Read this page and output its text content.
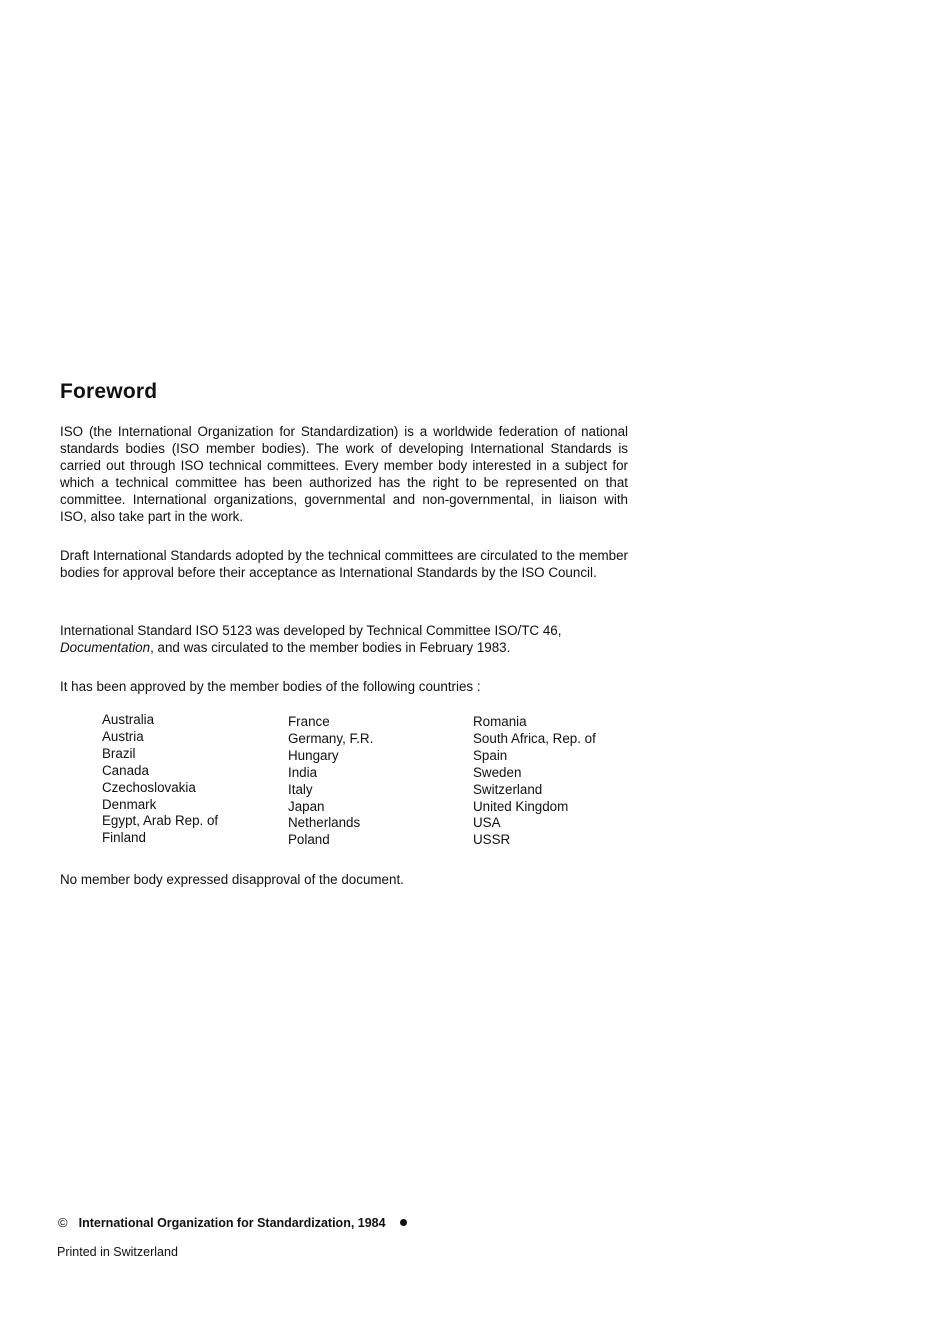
Foreword

ISO (the International Organization for Standardization) is a worldwide federation of national standards bodies (ISO member bodies). The work of developing International Standards is carried out through ISO technical committees. Every member body interested in a subject for which a technical committee has been authorized has the right to be represented on that committee. International organizations, governmental and non-governmental, in liaison with ISO, also take part in the work.

Draft International Standards adopted by the technical committees are circulated to the member bodies for approval before their acceptance as International Standards by the ISO Council.

International Standard ISO 5123 was developed by Technical Committee ISO/TC 46,
Documentation, and was circulated to the member bodies in February 1983.

It has been approved by the member bodies of the following countries :

Australia
Austria
Brazil
Canada
Czechoslovakia
Denmark
Egypt, Arab Rep. of
Finland
France
Germany, F.R.
Hungary
India
Italy
Japan
Netherlands
Poland
Romania
South Africa, Rep. of
Spain
Sweden
Switzerland
United Kingdom
USA
USSR

No member body expressed disapproval of the document.

© International Organization for Standardization, 1984
Printed in Switzerland
